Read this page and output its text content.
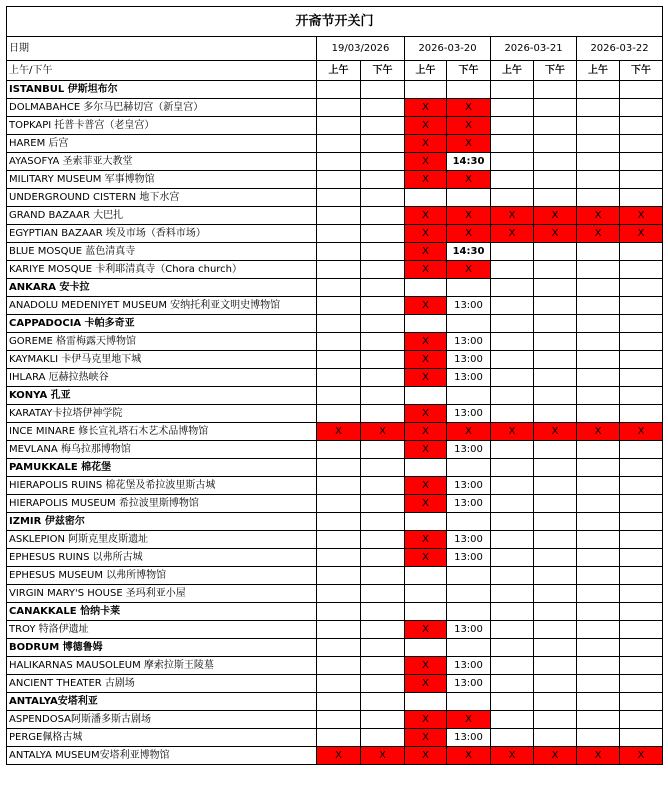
开斋节开关门								
日期	19/03/2026		2026-03-20		2026-03-21		2026-03-22	
上午/下午	上午	下午	上午	下午	上午	下午	上午	下午
ISTANBUL 伊斯坦布尔								
DOLMABAHCE 多尔马巴赫切宫（新皇宫）			X	X				
TOPKAPI 托普卡普宫（老皇宫）			X	X				
HAREM 后宫			X	X				
AYASOFYA 圣索菲亚大教堂			X	14:30				
MILITARY MUSEUM 军事博物馆			X	X				
UNDERGROUND CISTERN 地下水宫								
GRAND BAZAAR 大巴扎			X	X	X	X	X	X
EGYPTIAN BAZAAR 埃及市场（香料市场）			X	X	X	X	X	X
BLUE MOSQUE 蓝色清真寺			X	14:30				
KARIYE MOSQUE 卡利耶清真寺（Chora church）			X	X				
ANKARA 安卡拉								
ANADOLU MEDENIYET MUSEUM 安纳托利亚文明史博物馆			X	13:00				
CAPPADOCIA 卡帕多奇亚								
GOREME 格雷梅露天博物馆			X	13:00				
KAYMAKLI 卡伊马克里地下城			X	13:00				
IHLARA 厄赫拉热峡谷			X	13:00				
KONYA 孔亚								
KARATAY卡拉塔伊神学院			X	13:00				
INCE MINARE 修长宣礼塔石木艺术品博物馆	X	X	X	X	X	X	X	X
MEVLANA 梅乌拉那博物馆			X	13:00				
PAMUKKALE 棉花堡								
HIERAPOLIS RUINS 棉花堡及希拉波里斯古城			X	13:00				
HIERAPOLIS MUSEUM 希拉波里斯博物馆			X	13:00				
IZMIR 伊兹密尔								
ASKLEPION 阿斯克里皮斯遗址			X	13:00				
EPHESUS RUINS 以弗所古城			X	13:00				
EPHESUS MUSEUM 以弗所博物馆								
VIRGIN MARY'S HOUSE 圣玛利亚小屋								
CANAKKALE 恰纳卡莱								
TROY 特洛伊遗址			X	13:00				
BODRUM 博德鲁姆								
HALIKARNAS MAUSOLEUM 摩索拉斯王陵墓			X	13:00				
ANCIENT THEATER 古剧场			X	13:00				
ANTALYA安塔利亚								
ASPENDOSA阿斯潘多斯古剧场			X	X				
PERGE佩格古城			X	13:00				
ANTALYA MUSEUM安塔利亚博物馆	X	X	X	X	X	X	X	X
